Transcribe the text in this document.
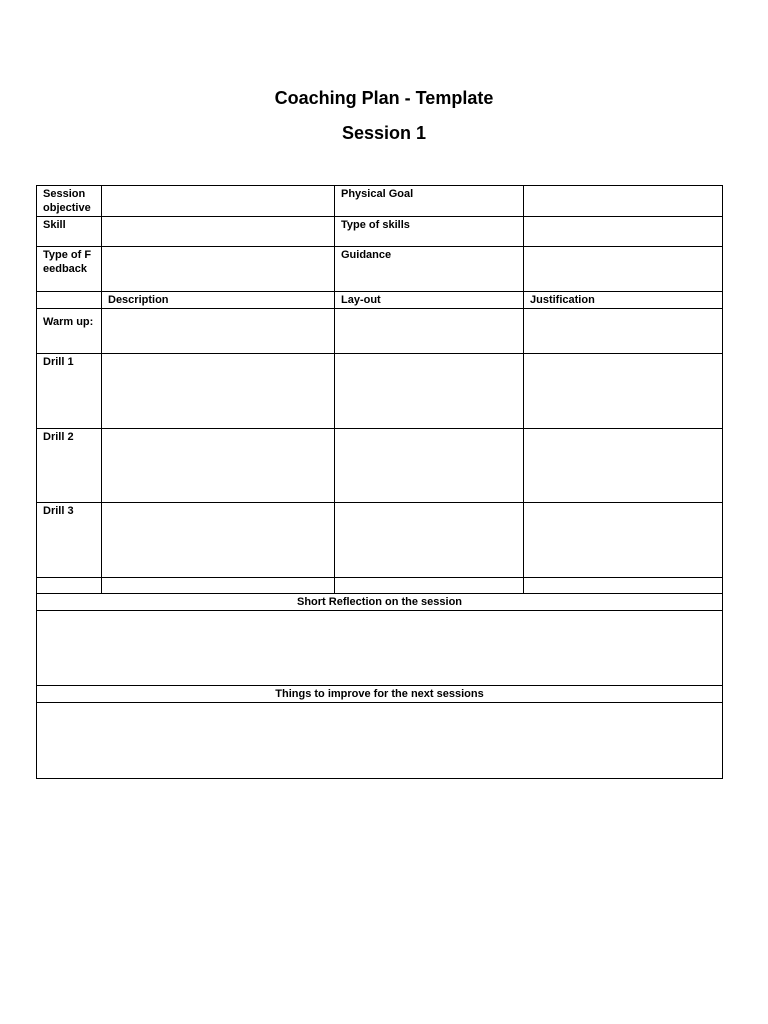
Coaching Plan - Template
Session 1
Session objective		Physical Goal	
Skill		Type of skills	
Type of Feedback		Guidance	
	Description	Lay-out	Justification
Warm up:			
Drill 1			
Drill 2			
Drill 3			

Short Reflection on the session			

Things to improve for the next sessions			
